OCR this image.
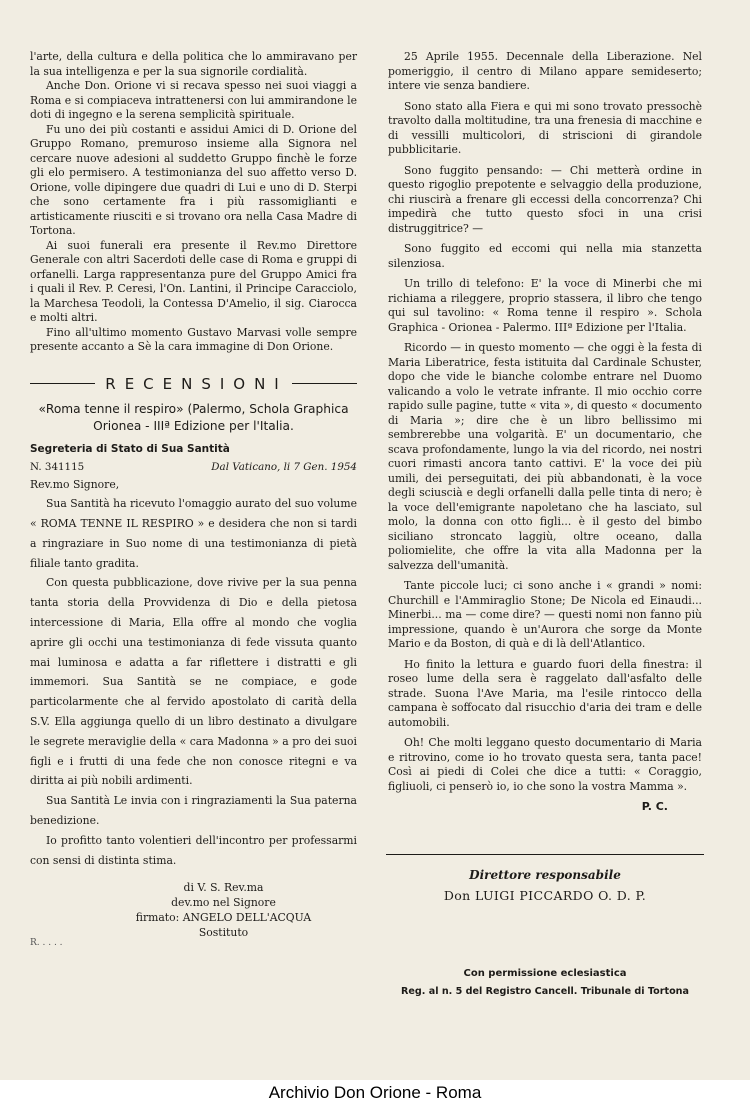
l'arte, della cultura e della politica che lo ammiravano per la sua intelligenza e per la sua signorile cordialità.

Anche Don. Orione vi si recava spesso nei suoi viaggi a Roma e si compiaceva intrattenersi con lui ammirandone le doti di ingegno e la serena semplicità spirituale.

Fu uno dei più costanti e assidui Amici di D. Orione del Gruppo Romano, premuroso insieme alla Signora nel cercare nuove adesioni al suddetto Gruppo finchè le forze gli elo permisero. A testimonianza del suo affetto verso D. Orione, volle dipingere due quadri di Lui e uno di D. Sterpi che sono certamente fra i più rassomiglianti e artisticamente riusciti e si trovano ora nella Casa Madre di Tortona.

Ai suoi funerali era presente il Rev.mo Direttore Generale con altri Sacerdoti delle case di Roma e gruppi di orfanelli. Larga rappresentanza pure del Gruppo Amici fra i quali il Rev. P. Ceresi, l'On. Lantini, il Principe Caracciolo, la Marchesa Teodoli, la Contessa D'Amelio, il sig. Ciarocca e molti altri.

Fino all'ultimo momento Gustavo Marvasi volle sempre presente accanto a Sè la cara immagine di Don Orione.

RECENSIONI
«Roma tenne il respiro» (Palermo, Schola Graphica Orionea - IIIª Edizione per l'Italia.
Segreteria di Stato di Sua Santità
N. 341115	Dal Vaticano, li 7 Gen. 1954

Rev.mo Signore,

Sua Santità ha ricevuto l'omaggio aurato del suo volume « ROMA TENNE IL RESPIRO » e desidera che non si tardi a ringraziare in Suo nome di una testimonianza di pietà filiale tanto gradita.

Con questa pubblicazione, dove rivive per la sua penna tanta storia della Provvidenza di Dio e della pietosa intercessione di Maria, Ella offre al mondo che voglia aprire gli occhi una testimonianza di fede vissuta quanto mai luminosa e adatta a far riflettere i distratti e gli immemori. Sua Santità se ne compiace, e gode particolarmente che al fervido apostolato di carità della S.V. Ella aggiunga quello di un libro destinato a divulgare le segrete meraviglie della « cara Madonna » a pro dei suoi figli e i frutti di una fede che non conosce ritegni e va diritta ai più nobili ardimenti.

Sua Santità Le invia con i ringraziamenti la Sua paterna benedizione.

Io profitto tanto volentieri dell'incontro per professarmi con sensi di distinta stima.

di V. S. Rev.ma
dev.mo nel Signore
firmato: ANGELO DELL'ACQUA
Sostituto
R. . . . .

25 Aprile 1955. Decennale della Liberazione. Nel pomeriggio, il centro di Milano appare semideserto; intere vie senza bandiere.

Sono stato alla Fiera e qui mi sono trovato pressochè travolto dalla moltitudine, tra una frenesia di macchine e di vessilli multicolori, di striscioni di girandole pubblicitarie.

Sono fuggito pensando: — Chi metterà ordine in questo rigoglio prepotente e selvaggio della produzione, chi riuscirà a frenare gli eccessi della concorrenza? Chi impedirà che tutto questo sfoci in una crisi distruggitrice? —

Sono fuggito ed eccomi qui nella mia stanzetta silenziosa.

Un trillo di telefono: E' la voce di Minerbi che mi richiama a rileggere, proprio stassera, il libro che tengo qui sul tavolino: « Roma tenne il respiro ». Schola Graphica - Orionea - Palermo. IIIª Edizione per l'Italia.

Ricordo — in questo momento — che oggi è la festa di Maria Liberatrice, festa istituita dal Cardinale Schuster, dopo che vide le bianche colombe entrare nel Duomo valicando a volo le vetrate infrante. Il mio occhio corre rapido sulle pagine, tutte « vita », di questo « documento di Maria »; dire che è un libro bellissimo mi sembrerebbe una volgarità. E' un documentario, che scava profondamente, lungo la via del ricordo, nei nostri cuori rimasti ancora tanto cattivi. E' la voce dei più umili, dei perseguitati, dei più abbandonati, è la voce degli sciuscià e degli orfanelli dalla pelle tinta di nero; è la voce dell'emigrante napoletano che ha lasciato, sul molo, la donna con otto figli... è il gesto del bimbo siciliano stroncato laggiù, oltre oceano, dalla poliomielite, che offre la vita alla Madonna per la salvezza dell'umanità.

Tante piccole luci; ci sono anche i « grandi » nomi: Churchill e l'Ammiraglio Stone; De Nicola ed Einaudi... Minerbi... ma — come dire? — questi nomi non fanno più impressione, quando è un'Aurora che sorge da Monte Mario e da Boston, di quà e di là dell'Atlantico.

Ho finito la lettura e guardo fuori della finestra: il roseo lume della sera è raggelato dall'asfalto delle strade. Suona l'Ave Maria, ma l'esile rintocco della campana è soffocato dal risucchio d'aria dei tram e delle automobili.

Oh! Che molti leggano questo documentario di Maria e ritrovino, come io ho trovato questa sera, tanta pace! Così ai piedi di Colei che dice a tutti: « Coraggio, figliuoli, ci penserò io, io che sono la vostra Mamma ».

P. C.
Direttore responsabile
Don LUIGI PICCARDO O. D. P.
Con permissione eclesiastica
Reg. al n. 5 del Registro Cancell. Tribunale di Tortona
Archivio Don Orione - Roma
